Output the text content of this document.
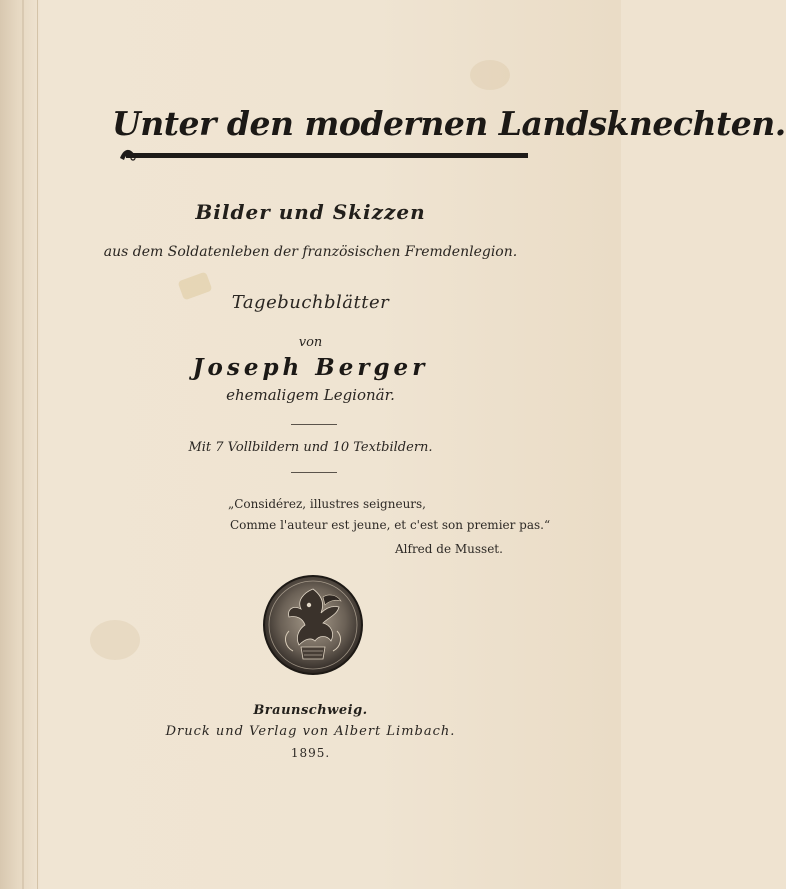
Unter den modernen Landsknechten.
Bilder und Skizzen
aus dem Soldatenleben der französischen Fremdenlegion.
Tagebuchblätter
von
Joseph Berger
ehemaligem Legionär.
Mit 7 Vollbildern und 10 Textbildern.
„Considérez, illustres seigneurs,
Comme l'auteur est jeune, et c'est son premier pas.“
Alfred de Musset.
Braunschweig.
Druck und Verlag von Albert Limbach.
1895.
